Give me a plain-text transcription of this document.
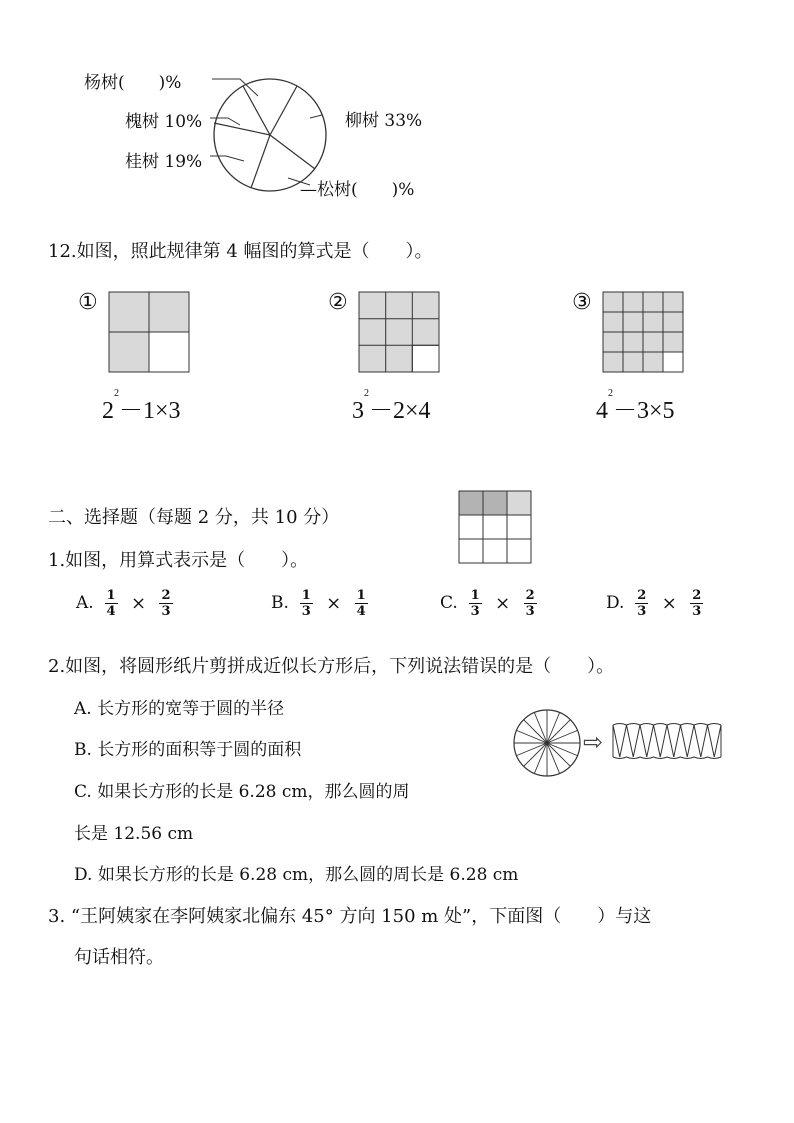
杨树(　　)%
槐树 10%
桂树 19%
柳树 33%
—松树(　　)%
12.如图，照此规律第 4 幅图的算式是（　　）。
①
$2^2-1\times 3$
②
$3^2-2\times 4$
③
$4^2-3\times 5$
二、选择题（每题 2 分，共 10 分）
1.如图，用算式表示是（　　）。
A. $\frac{1}{4} \times \frac{2}{3}$	B. $\frac{1}{3} \times \frac{1}{4}$	C. $\frac{1}{3} \times \frac{2}{3}$	D. $\frac{2}{3} \times \frac{2}{3}$
2.如图，将圆形纸片剪拼成近似长方形后，下列说法错误的是（　　）。
A. 长方形的宽等于圆的半径
B. 长方形的面积等于圆的面积
C. 如果长方形的长是 6.28 cm，那么圆的周
长是 12.56 cm
D. 如果长方形的长是 6.28 cm，那么圆的周长是 6.28 cm
⇨
3. “王阿姨家在李阿姨家北偏东 45° 方向 150 m 处”，下面图（　　）与这
句话相符。
